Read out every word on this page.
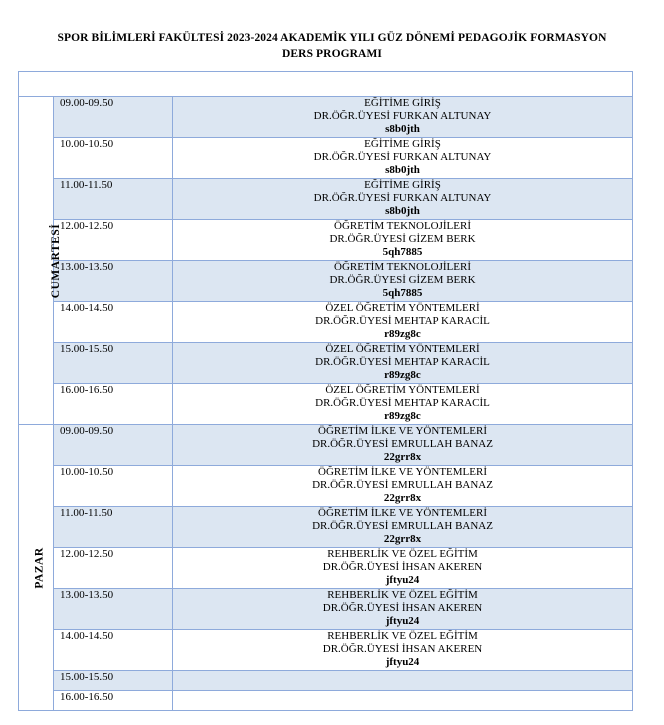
SPOR BİLİMLERİ FAKÜLTESİ 2023-2024 AKADEMİK YILI GÜZ DÖNEMİ PEDAGOJİK FORMASYON
DERS PROGRAMI

CUMARTESİ	09.00-09.50	EĞİTİME GİRİŞ
DR.ÖĞR.ÜYESİ FURKAN ALTUNAY
s8b0jth

	10.00-10.50	EĞİTİME GİRİŞ
DR.ÖĞR.ÜYESİ FURKAN ALTUNAY
s8b0jth

	11.00-11.50	EĞİTİME GİRİŞ
DR.ÖĞR.ÜYESİ FURKAN ALTUNAY
s8b0jth

	12.00-12.50	ÖĞRETİM TEKNOLOJİLERİ
DR.ÖĞR.ÜYESİ GİZEM BERK
5qh7885

	13.00-13.50	ÖĞRETİM TEKNOLOJİLERİ
DR.ÖĞR.ÜYESİ GİZEM BERK
5qh7885

	14.00-14.50	ÖZEL ÖĞRETİM YÖNTEMLERİ
DR.ÖĞR.ÜYESİ MEHTAP KARACİL
r89zg8c

	15.00-15.50	ÖZEL ÖĞRETİM YÖNTEMLERİ
DR.ÖĞR.ÜYESİ MEHTAP KARACİL
r89zg8c

	16.00-16.50	ÖZEL ÖĞRETİM YÖNTEMLERİ
DR.ÖĞR.ÜYESİ MEHTAP KARACİL
r89zg8c

PAZAR	09.00-09.50	ÖĞRETİM İLKE VE YÖNTEMLERİ
DR.ÖĞR.ÜYESİ EMRULLAH BANAZ
22grr8x

	10.00-10.50	ÖĞRETİM İLKE VE YÖNTEMLERİ
DR.ÖĞR.ÜYESİ EMRULLAH BANAZ
22grr8x

	11.00-11.50	ÖĞRETİM İLKE VE YÖNTEMLERİ
DR.ÖĞR.ÜYESİ EMRULLAH BANAZ
22grr8x

	12.00-12.50	REHBERLİK VE ÖZEL EĞİTİM
DR.ÖĞR.ÜYESİ İHSAN AKEREN
jftyu24

	13.00-13.50	REHBERLİK VE ÖZEL EĞİTİM
DR.ÖĞR.ÜYESİ İHSAN AKEREN
jftyu24

	14.00-14.50	REHBERLİK VE ÖZEL EĞİTİM
DR.ÖĞR.ÜYESİ İHSAN AKEREN
jftyu24

	15.00-15.50	
	16.00-16.50	
